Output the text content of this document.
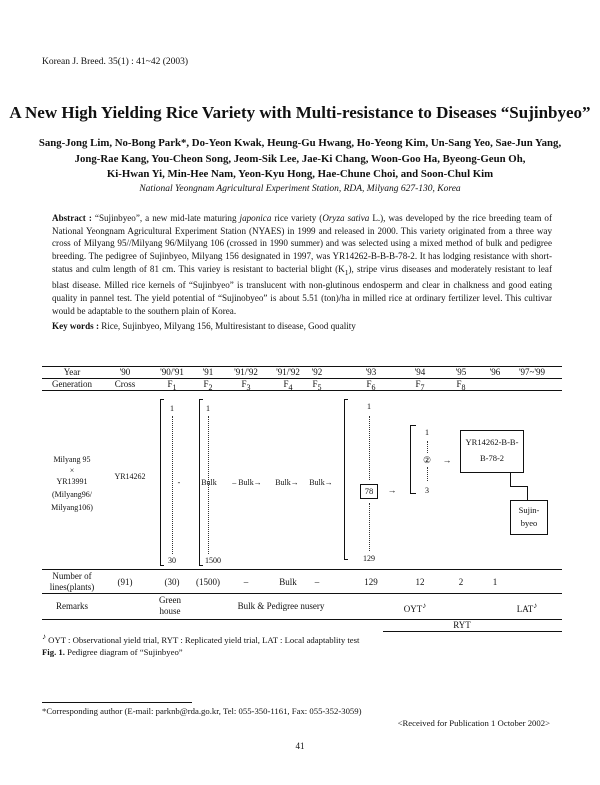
Korean J. Breed. 35(1) : 41~42 (2003)
A New High Yielding Rice Variety with Multi-resistance to Diseases “Sujinbyeo”
Sang-Jong Lim, No-Bong Park*, Do-Yeon Kwak, Heung-Gu Hwang, Ho-Yeong Kim, Un-Sang Yeo, Sae-Jun Yang,
Jong-Rae Kang, You-Cheon Song, Jeom-Sik Lee, Jae-Ki Chang, Woon-Goo Ha, Byeong-Geun Oh,
Ki-Hwan Yi, Min-Hee Nam, Yeon-Kyu Hong, Hae-Chune Choi, and Soon-Chul Kim
National Yeongnam Agricultural Experiment Station, RDA, Milyang 627-130, Korea
Abstract : “Sujinbyeo”, a new mid-late maturing japonica rice variety (Oryza sativa L.), was developed by the rice breeding team of National Yeongnam Agricultural Experiment Station (NYAES) in 1999 and released in 2000. This variety originated from a three way cross of Milyang 95//Milyang 96/Milyang 106 (crossed in 1990 summer) and was selected using a mixed method of bulk and pedigree breeding. The pedigree of Sujinbyeo, Milyang 156 designated in 1997, was YR14262-B-B-B-78-2. It has lodging resistance with short-status and culm length of 81 cm. This variey is resistant to bacterial blight $(K_1)$, stripe virus diseases and moderately resistant to leaf blast disease. Milled rice kernels of “Sujinbyeo” is translucent with non-glutinous endosperm and clear in chalkness and good eating quality in pannel test. The yield potential of “Sujinobyeo” is about 5.51 (ton)/ha in milled rice at ordinary fertilizer level. This cultivar would be adaptable to the southern plain of Korea.
Key words : Rice, Sujinbyeo, Milyang 156, Multiresistant to disease, Good quality
Year	'90	'90/'91	'91	'91/'92	'91/'92	'92	'93	'94	'95	'96	'97~'99
Generation	Cross	$F_1$	$F_2$	$F_3$	$F_4$	$F_5$	$F_6$	$F_7$	$F_8$
Milyang 95
×
YR13991
(Milyang96/
Milyang106)
YR14262
1
30
-
1
1500
Bulk	– Bulk→	Bulk→	Bulk→
1
78
129
→
1
②
3
→
YR14262-B-B-
B-78-2
Sujin-
byeo
Number of
lines(plants)	(91)	(30)	(1500)	–	Bulk	–	129	12	2	1
Remarks
Green
house	Bulk & Pedigree nusery	OYT♪	LAT♪
RYT
♪ OYT : Observational yield trial, RYT : Replicated yield trial, LAT : Local adaptablity test
Fig. 1. Pedigree diagram of “Sujinbyeo”
*Corresponding author (E-mail: parknb@rda.go.kr, Tel: 055-350-1161, Fax: 055-352-3059)
<Received for Publication 1 October 2002>
41
